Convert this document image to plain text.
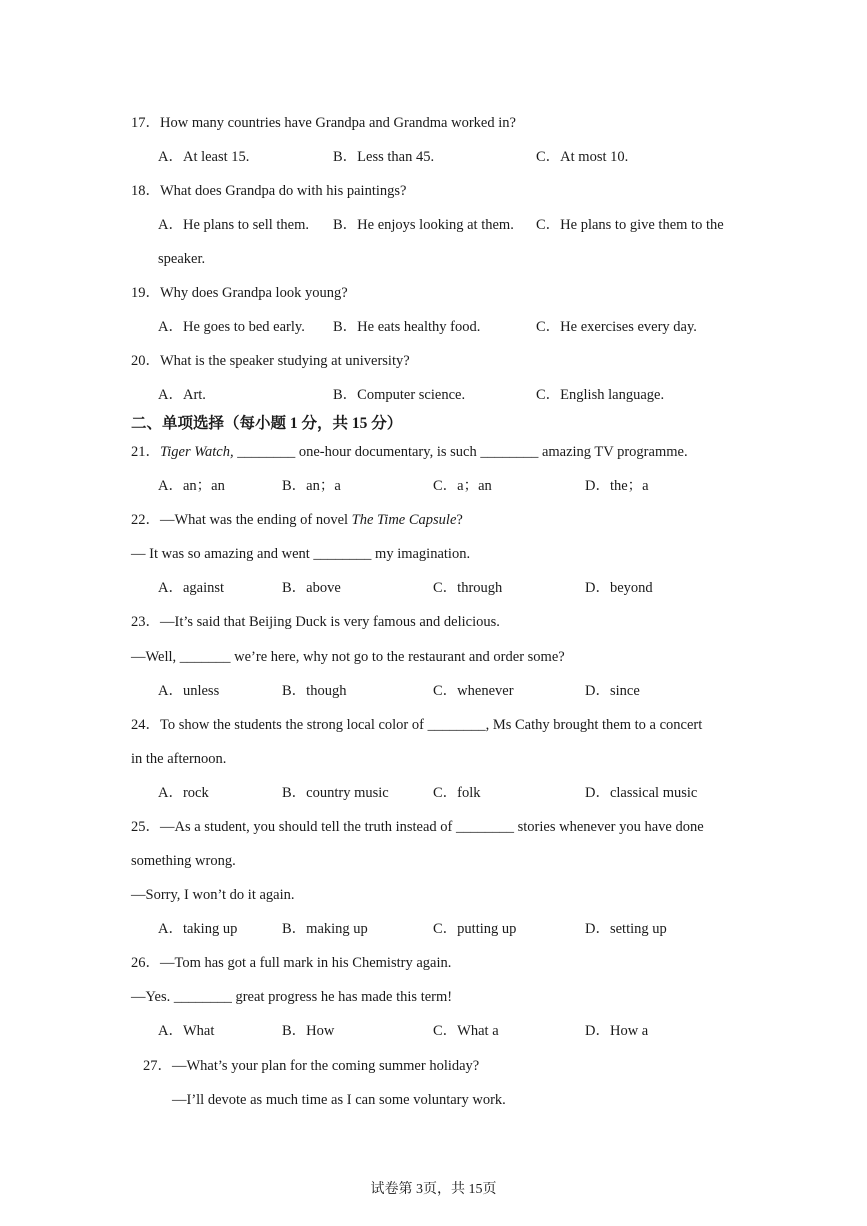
17．How many countries have Grandpa and Grandma worked in?
A．At least 15.	B．Less than 45.	C．At most 10.
18．What does Grandpa do with his paintings?
A．He plans to sell them. B．He enjoys looking at them. C．He plans to give them to the
speaker.
19．Why does Grandpa look young?
A．He goes to bed early. B．He eats healthy food.	C．He exercises every day.
20．What is the speaker studying at university?
A．Art.	B．Computer science.	C．English language.
二、单项选择（每小题 1 分，共 15 分）
21．Tiger Watch, ________ one-hour documentary, is such ________ amazing TV programme.
A．an；an	B．an；a	C．a；an	D．the；a
22．—What was the ending of novel The Time Capsule?
— It was so amazing and went ________ my imagination.
A．against	B．above	C．through	D．beyond
23．—It’s said that Beijing Duck is very famous and delicious.
—Well, _______ we’re here, why not go to the restaurant and order some?
A．unless	B．though	C．whenever	D．since
24．To show the students the strong local color of ________, Ms Cathy brought them to a concert
in the afternoon.
A．rock	B．country music	C．folk	D．classical music
25．—As a student, you should tell the truth instead of ________ stories whenever you have done
something wrong.
—Sorry, I won’t do it again.
A．taking up	B．making up	C．putting up	D．setting up
26．—Tom has got a full mark in his Chemistry again.
—Yes. ________ great progress he has made this term!
A．What	B．How	C．What a	D．How a
27．—What’s your plan for the coming summer holiday?
—I’ll devote as much time as I can some voluntary work.
试卷第 3页，共 15页
